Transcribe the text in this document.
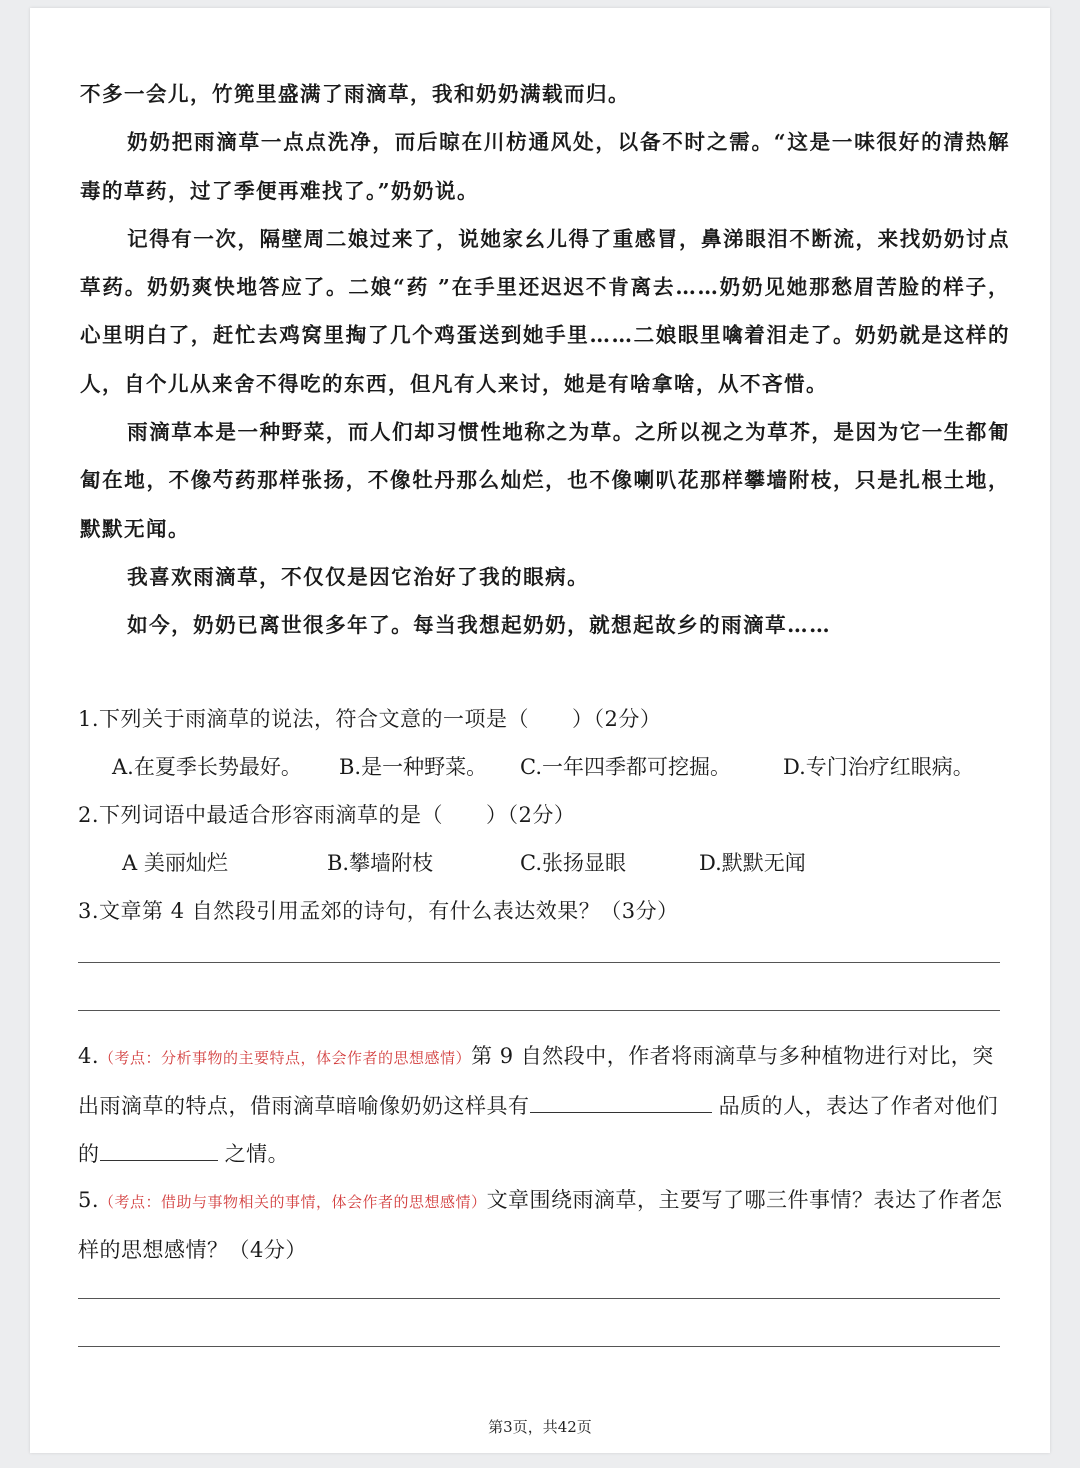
不多一会儿，竹篼里盛满了雨滴草，我和奶奶满载而归。

奶奶把雨滴草一点点洗净，而后晾在川枋通风处，以备不时之需。“这是一味很好的清热解毒的草药，过了季便再难找了。”奶奶说。

记得有一次，隔壁周二娘过来了，说她家幺儿得了重感冒，鼻涕眼泪不断流，来找奶奶讨点草药。奶奶爽快地答应了。二娘“药 ”在手里还迟迟不肯离去……奶奶见她那愁眉苦脸的样子，心里明白了，赶忙去鸡窝里掏了几个鸡蛋送到她手里……二娘眼里噙着泪走了。奶奶就是这样的人，自个儿从来舍不得吃的东西，但凡有人来讨，她是有啥拿啥，从不吝惜。

雨滴草本是一种野菜，而人们却习惯性地称之为草。之所以视之为草芥，是因为它一生都匍匐在地，不像芍药那样张扬，不像牡丹那么灿烂，也不像喇叭花那样攀墙附枝，只是扎根土地，默默无闻。

我喜欢雨滴草，不仅仅是因它治好了我的眼病。

如今，奶奶已离世很多年了。每当我想起奶奶，就想起故乡的雨滴草……

1.下列关于雨滴草的说法，符合文意的一项是（　　）（2分）
A.在夏季长势最好。 B.是一种野菜。 C.一年四季都可挖掘。 D.专门治疗红眼病。
2.下列词语中最适合形容雨滴草的是（　　）（2分）
A 美丽灿烂	B.攀墙附枝	C.张扬显眼	D.默默无闻
3.文章第 4 自然段引用孟郊的诗句，有什么表达效果？（3分）
4.（考点：分析事物的主要特点，体会作者的思想感情）第 9 自然段中，作者将雨滴草与多种植物进行对比，突出雨滴草的特点，借雨滴草暗喻像奶奶这样具有	品质的人，表达了作者对他们的	之情。
5.（考点：借助与事物相关的事情，体会作者的思想感情）文章围绕雨滴草，主要写了哪三件事情？表达了作者怎样的思想感情？（4分）
第3页，共42页
